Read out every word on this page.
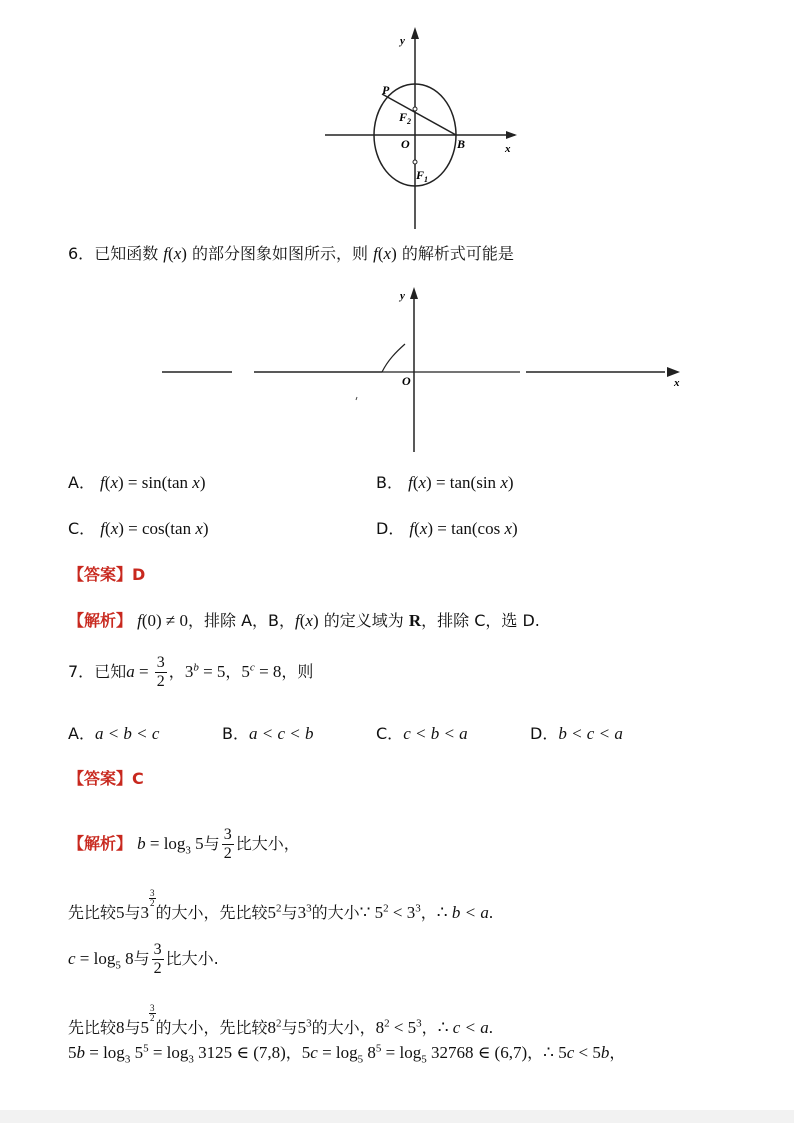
y
x
P
F 2
O	B
F 1
6．已知函数 f(x) 的部分图象如图所示，则 f(x) 的解析式可能是
y
x
O
A． f(x) = sin(tan x)	B． f(x) = tan(sin x)
C． f(x) = cos(tan x)	D． f(x) = tan(cos x)
【答案】D
【解析】 f(0) ≠ 0，排除 A，B，f(x) 的定义域为 R，排除 C，选 D.
7．已知$a = \frac{3}{2}$ ，$3^b = 5$，$5^c = 8$，则
A．a < b < c	B．a < c < b	C．c < b < a	D．b < c < a
【答案】C
【解析】 $b = \log_3 5$与 $\frac{3}{2}$ 比大小，
先比较5与3
$\frac{3}{2}$
的大小，先比较$5^2$与$3^3$的大小∵ $5^2 < 3^3$，∴ b < a.
$c = \log_5 8$与 $\frac{3}{2}$ 比大小.
先比较8与5
$\frac{3}{2}$
的大小，先比较$8^2$与$5^3$的大小，$8^2 < 5^3$，∴ c < a.
$5b = \log_3 5^5 = \log_3 3125$ ∈ (7,8)，$5c = \log_5 8^5 = \log_5 32768$ ∈ (6,7)，∴ 5c < 5b，
